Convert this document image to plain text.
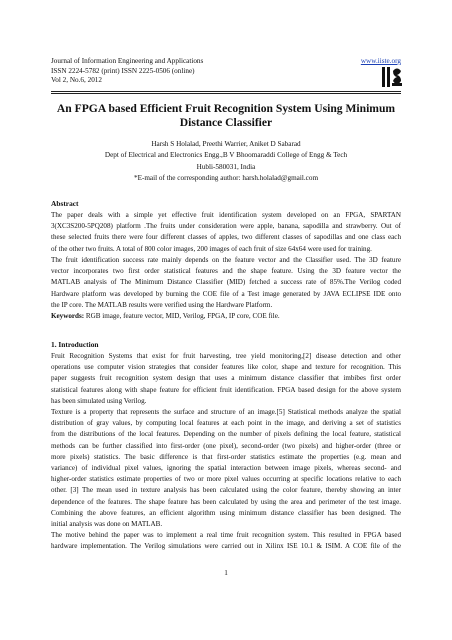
Journal of Information Engineering and Applications
ISSN 2224-5782 (print) ISSN 2225-0506 (online)
Vol 2, No.6, 2012
www.iiste.org
An FPGA based Efficient Fruit Recognition System Using Minimum
Distance Classifier
Harsh S Holalad, Preethi Warrier, Aniket D Sabarad
Dept of Electrical and Electronics Engg.,B V Bhoomaraddi College of Engg & Tech
Hubli-580031, India
*E-mail of the corresponding author: harsh.holalad@gmail.com
Abstract
The paper deals with a simple yet effective fruit identification system developed on an FPGA, SPARTAN
3(XC3S200-5PQ208) platform .The fruits under consideration were apple, banana, sapodilla and strawberry. Out of
these selected fruits there were four different classes of apples, two different classes of sapodillas and one class each
of the other two fruits. A total of 800 color images, 200 images of each fruit of size 64x64 were used for training.
The fruit identification success rate mainly depends on the feature vector and the Classifier used. The 3D feature
vector incorporates two first order statistical features and the shape feature. Using the 3D feature vector the
MATLAB analysis of The Minimum Distance Classifier (MID) fetched a success rate of 85%.The Verilog coded
Hardware platform was developed by burning the COE file of a Test image generated by JAVA ECLIPSE IDE onto
the IP core. The MATLAB results were verified using the Hardware Platform.
Keywords: RGB image, feature vector, MID, Verilog, FPGA, IP core, COE file.
1. Introduction
Fruit Recognition Systems that exist for fruit harvesting, tree yield monitoring,[2] disease detection and other
operations use computer vision strategies that consider features like color, shape and texture for recognition. This
paper suggests fruit recognition system design that uses a minimum distance classifier that imbibes first order
statistical features along with shape feature for efficient fruit identification. FPGA based design for the above system
has been simulated using Verilog.
Texture is a property that represents the surface and structure of an image.[5] Statistical methods analyze the spatial
distribution of gray values, by computing local features at each point in the image, and deriving a set of statistics
from the distributions of the local features. Depending on the number of pixels defining the local feature, statistical
methods can be further classified into first-order (one pixel), second-order (two pixels) and higher-order (three or
more pixels) statistics. The basic difference is that first-order statistics estimate the properties (e.g. mean and
variance) of individual pixel values, ignoring the spatial interaction between image pixels, whereas second- and
higher-order statistics estimate properties of two or more pixel values occurring at specific locations relative to each
other. [3] The mean used in texture analysis has been calculated using the color feature, thereby showing an inter
dependence of the features. The shape feature has been calculated by using the area and perimeter of the test image.
Combining the above features, an efficient algorithm using minimum distance classifier has been designed. The
initial analysis was done on MATLAB.
The motive behind the paper was to implement a real time fruit recognition system. This resulted in FPGA based
hardware implementation. The Verilog simulations were carried out in Xilinx ISE 10.1 & ISIM. A COE file of the
1
